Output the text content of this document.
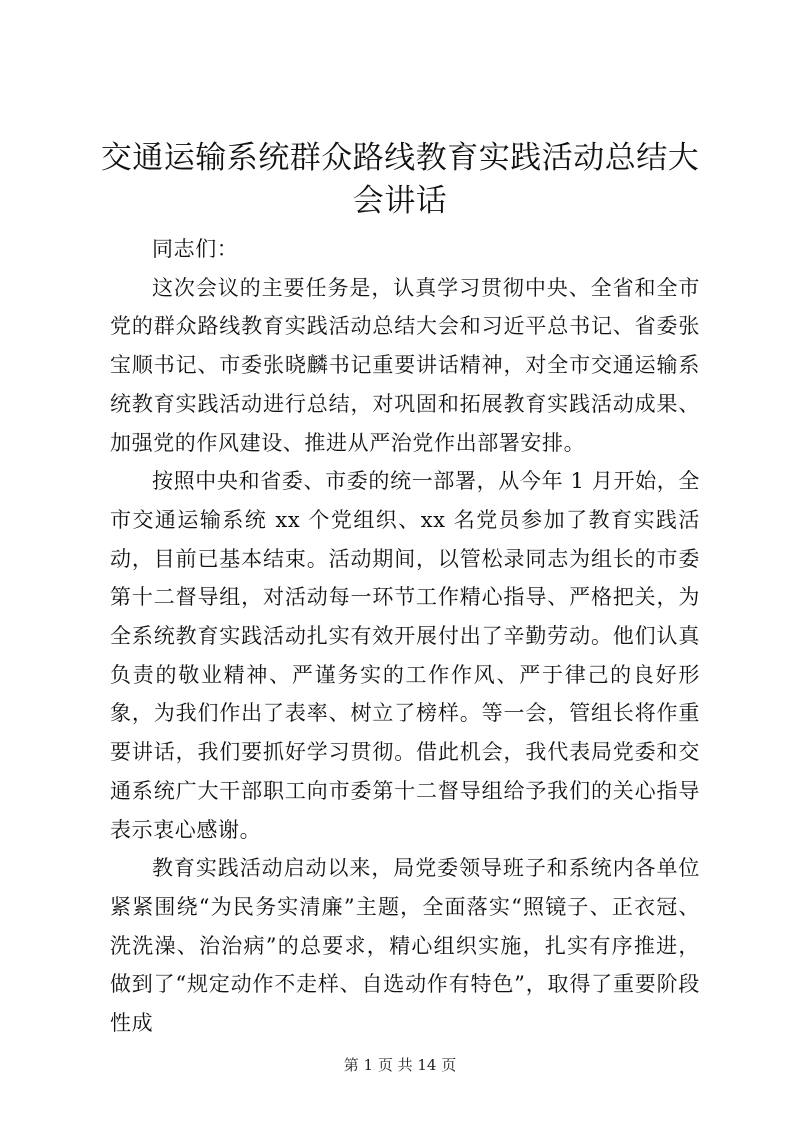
交通运输系统群众路线教育实践活动总结大会讲话

同志们：

这次会议的主要任务是，认真学习贯彻中央、全省和全市党的群众路线教育实践活动总结大会和习近平总书记、省委张宝顺书记、市委张晓麟书记重要讲话精神，对全市交通运输系统教育实践活动进行总结，对巩固和拓展教育实践活动成果、加强党的作风建设、推进从严治党作出部署安排。

按照中央和省委、市委的统一部署，从今年 1 月开始，全市交通运输系统 xx 个党组织、xx 名党员参加了教育实践活动，目前已基本结束。活动期间，以管松录同志为组长的市委第十二督导组，对活动每一环节工作精心指导、严格把关，为全系统教育实践活动扎实有效开展付出了辛勤劳动。他们认真负责的敬业精神、严谨务实的工作作风、严于律己的良好形象，为我们作出了表率、树立了榜样。等一会，管组长将作重要讲话，我们要抓好学习贯彻。借此机会，我代表局党委和交通系统广大干部职工向市委第十二督导组给予我们的关心指导表示衷心感谢。

教育实践活动启动以来，局党委领导班子和系统内各单位紧紧围绕“为民务实清廉”主题，全面落实“照镜子、正衣冠、洗洗澡、治治病”的总要求，精心组织实施，扎实有序推进，做到了“规定动作不走样、自选动作有特色”，取得了重要阶段性成

第 1 页 共 14 页
